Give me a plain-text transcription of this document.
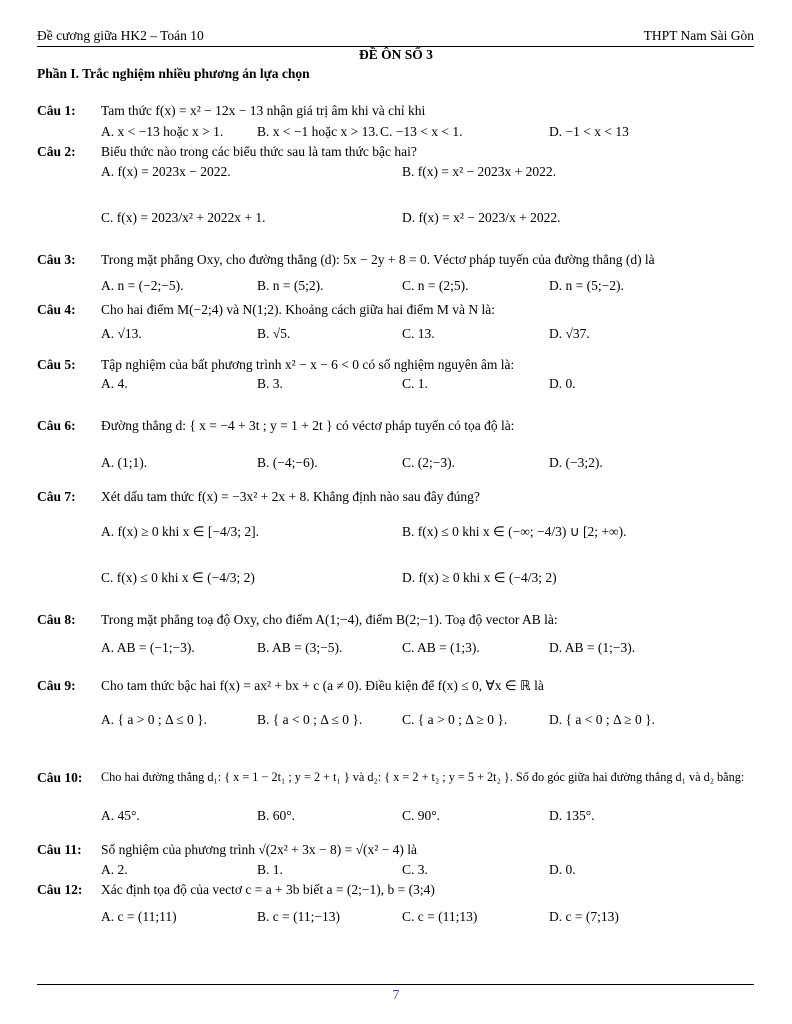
Đề cương giữa HK2 – Toán 10	THPT Nam Sài Gòn
ĐỀ ÔN SỐ 3
Phần I. Trắc nghiệm nhiều phương án lựa chọn
Câu 1: Tam thức f(x) = x² − 12x − 13 nhận giá trị âm khi và chỉ khi
A. x < −13 hoặc x > 1.	B. x < −1 hoặc x > 13. C. −13 < x < 1.	D. −1 < x < 13
Câu 2: Biểu thức nào trong các biểu thức sau là tam thức bậc hai?
A. f(x) = 2023x − 2022.	B. f(x) = x² − 2023x + 2022.
C. f(x) = 2023/x² + 2022x + 1.	D. f(x) = x² − 2023/x + 2022.
Câu 3: Trong mặt phẳng Oxy, cho đường thẳng (d): 5x − 2y + 8 = 0. Véctơ pháp tuyến của đường thẳng (d) là
A. n = (−2;−5).	B. n = (5;2).	C. n = (2;5).	D. n = (5;−2).
Câu 4: Cho hai điểm M(−2;4) và N(1;2). Khoảng cách giữa hai điểm M và N là:
A. √13.	B. √5.	C. 13.	D. √37.
Câu 5: Tập nghiệm của bất phương trình x² − x − 6 < 0 có số nghiệm nguyên âm là:
A. 4.	B. 3.	C. 1.	D. 0.
Câu 6: Đường thẳng d: { x = −4 + 3t ; y = 1 + 2t } có véctơ pháp tuyến có tọa độ là:
A. (1;1).	B. (−4;−6).	C. (2;−3).	D. (−3;2).
Câu 7: Xét dấu tam thức f(x) = −3x² + 2x + 8. Khẳng định nào sau đây đúng?
A. f(x) ≥ 0 khi x ∈ [−4/3; 2].	B. f(x) ≤ 0 khi x ∈ (−∞; −4/3) ∪ [2; +∞).
C. f(x) ≤ 0 khi x ∈ (−4/3; 2)	D. f(x) ≥ 0 khi x ∈ (−4/3; 2)
Câu 8: Trong mặt phẳng toạ độ Oxy, cho điểm A(1;−4), điểm B(2;−1). Toạ độ vector AB là:
A. AB = (−1;−3).	B. AB = (3;−5).	C. AB = (1;3).	D. AB = (1;−3).
Câu 9: Cho tam thức bậc hai f(x) = ax² + bx + c (a ≠ 0). Điều kiện để f(x) ≤ 0, ∀x ∈ ℝ là
A. { a > 0 ; Δ ≤ 0 }.	B. { a < 0 ; Δ ≤ 0 }.	C. { a > 0 ; Δ ≥ 0 }.	D. { a < 0 ; Δ ≥ 0 }.
Câu 10: Cho hai đường thẳng d₁: { x = 1 − 2t₁ ; y = 2 + t₁ } và d₂: { x = 2 + t₂ ; y = 5 + 2t₂ }. Số đo góc giữa hai đường thẳng d₁ và d₂ bằng:
A. 45°.	B. 60°.	C. 90°.	D. 135°.
Câu 11: Số nghiệm của phương trình √(2x² + 3x − 8) = √(x² − 4) là
A. 2.	B. 1.	C. 3.	D. 0.
Câu 12: Xác định tọa độ của vectơ c = a + 3b biết a = (2;−1), b = (3;4)
A. c = (11;11)	B. c = (11;−13)	C. c = (11;13)	D. c = (7;13)
7
